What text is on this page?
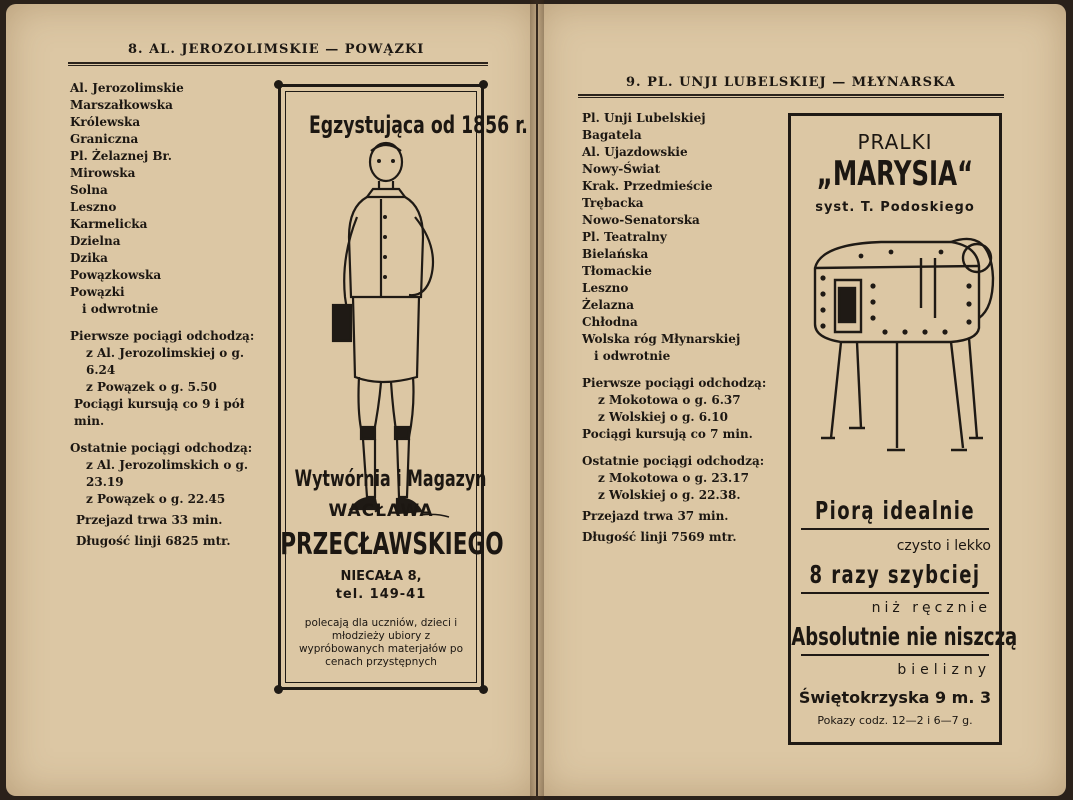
8. AL. JEROZOLIMSKIE — POWĄZKI
Al. Jerozolimskie
Marszałkowska
Królewska
Graniczna
Pl. Żelaznej Br.
Mirowska
Solna
Leszno
Karmelicka
Dzielna
Dzika
Powązkowska
Powązki
i odwrotnie
Pierwsze pociągi odchodzą:
z Al. Jerozolimskiej o g. 6.24
z Powązek o g. 5.50
Pociągi kursują co 9 i pół min.
Ostatnie pociągi odchodzą:
z Al. Jerozolimskich o g. 23.19
z Powązek o g. 22.45
Przejazd trwa 33 min.
Długość linji 6825 mtr.
Egzystująca od 1856 r.
Wytwórnia i Magazyn
WACŁAWA
PRZECŁAWSKIEGO
NIECAŁA 8,
tel. 149-41
polecają dla uczniów, dzieci i młodzieży ubiory z wypróbowanych materjałów po cenach przystępnych
9. PL. UNJI LUBELSKIEJ — MŁYNARSKA
Pl. Unji Lubelskiej
Bagatela
Al. Ujazdowskie
Nowy-Świat
Krak. Przedmieście
Trębacka
Nowo-Senatorska
Pl. Teatralny
Bielańska
Tłomackie
Leszno
Żelazna
Chłodna
Wolska róg Młynarskiej
i odwrotnie
Pierwsze pociągi odchodzą:
z Mokotowa o g. 6.37
z Wolskiej o g. 6.10
Pociągi kursują co 7 min.
Ostatnie pociągi odchodzą:
z Mokotowa o g. 23.17
z Wolskiej o g. 22.38.
Przejazd trwa 37 min.
Długość linji 7569 mtr.
PRALKI
„MARYSIA“
syst. T. Podoskiego
Piorą idealnie
czysto i lekko
8 razy szybciej
niż ręcznie
Absolutnie nie niszczą
bielizny
Świętokrzyska 9 m. 3
Pokazy codz. 12—2 i 6—7 g.
